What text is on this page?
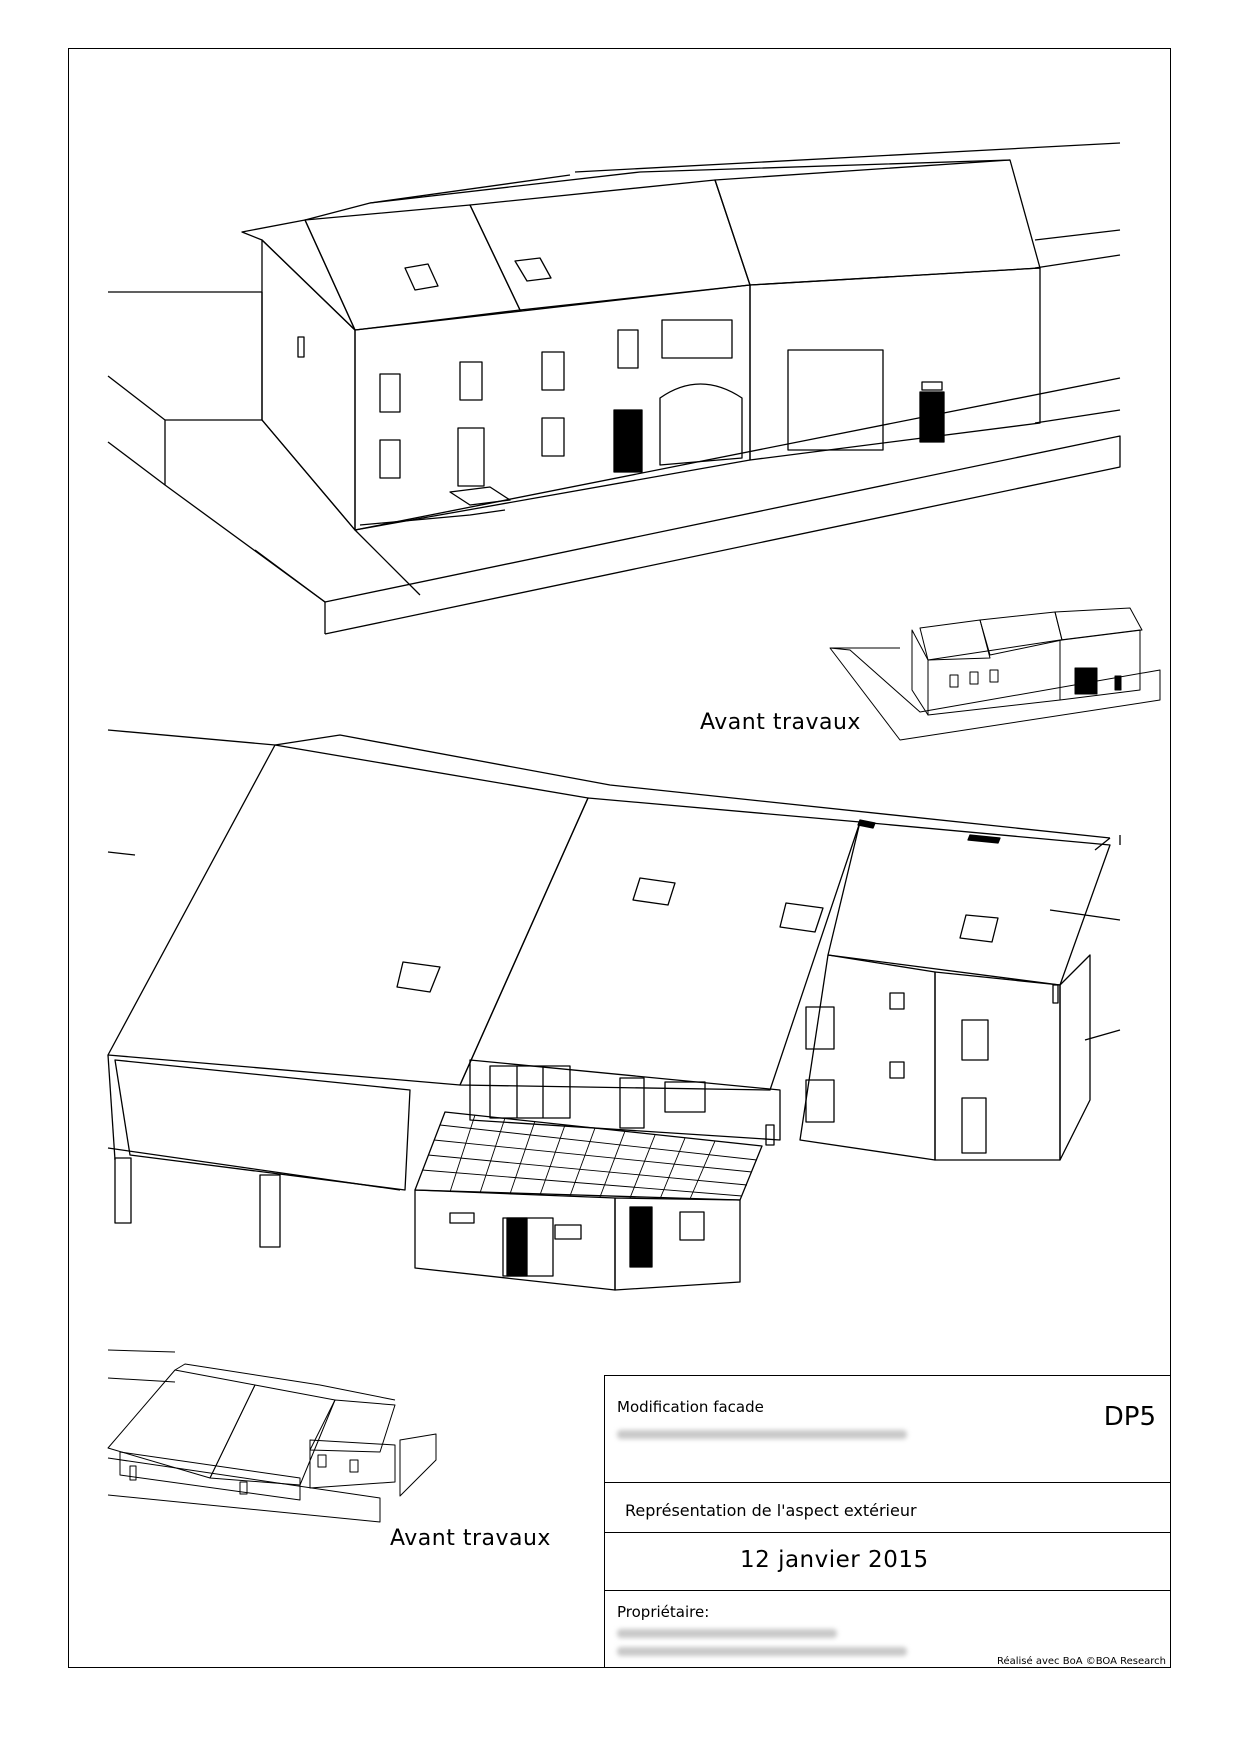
Avant travaux
Avant travaux
Modification facade	DP5
Représentation de l'aspect extérieur
12 janvier 2015
Propriétaire:
Réalisé avec BoA ©BOA Research
